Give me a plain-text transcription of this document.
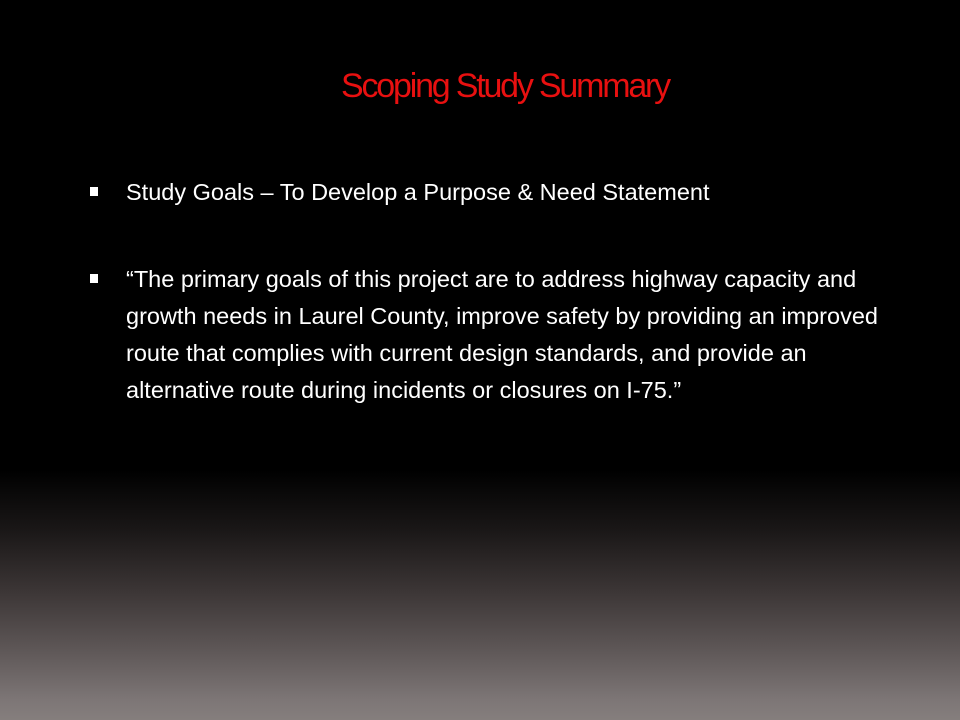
Scoping Study Summary
Study Goals – To Develop a Purpose & Need Statement
“The primary goals of this project are to address highway capacity and growth needs in Laurel County, improve safety by providing an improved route that complies with current design standards, and provide an alternative route during incidents or closures on I-75.”
